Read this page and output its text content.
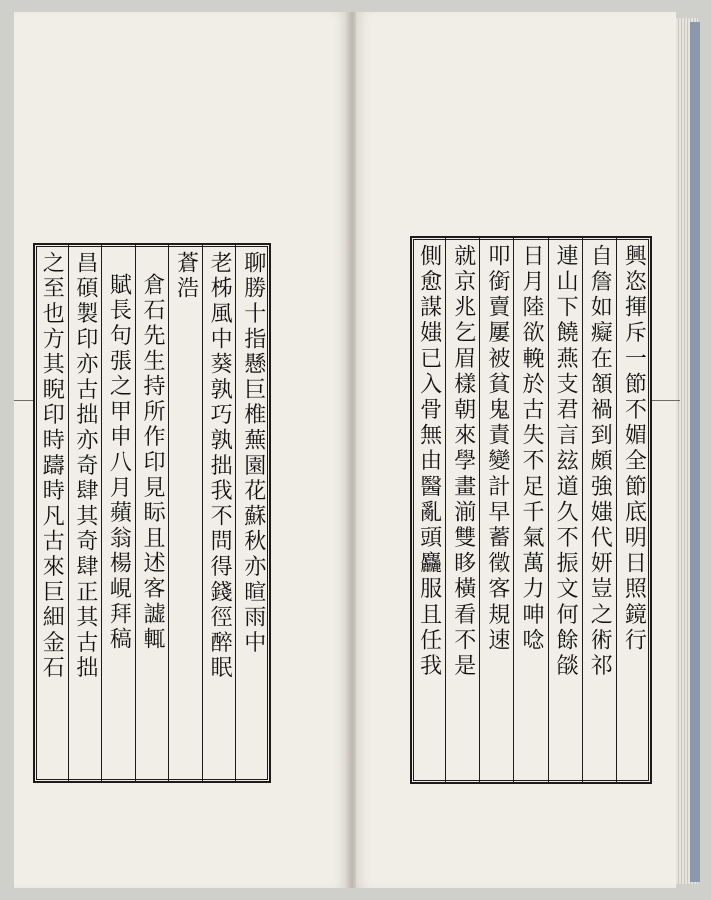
聊勝十指懸巨椎蕪園花蘇秋亦暄雨中
老柹風中葵孰巧孰拙我不問得錢徑醉眠
蒼浩
倉石先生持所作印見眎且述客譃輒
賦長句張之甲申八月蘋翁楊峴拜稿
昌碩製印亦古拙亦奇肆其奇肆正其古拙
之至也方其睨印時躊時凡古來巨細金石	興恣揮斥一節不媚全節底明日照鏡行
自詹如癡在頷禍到頗強媸代妍豈之術祁
連山下饒燕支君言玆道久不振文何餘燄
日月陸欲輓於古失不足千氣萬力呻唸
叩銜賣屢被貧鬼責變計早蓄徵客規速
就京兆乞眉樣朝來學畫湔雙眵橫看不是
側愈謀媸已入骨無由醫亂頭麤服且任我
